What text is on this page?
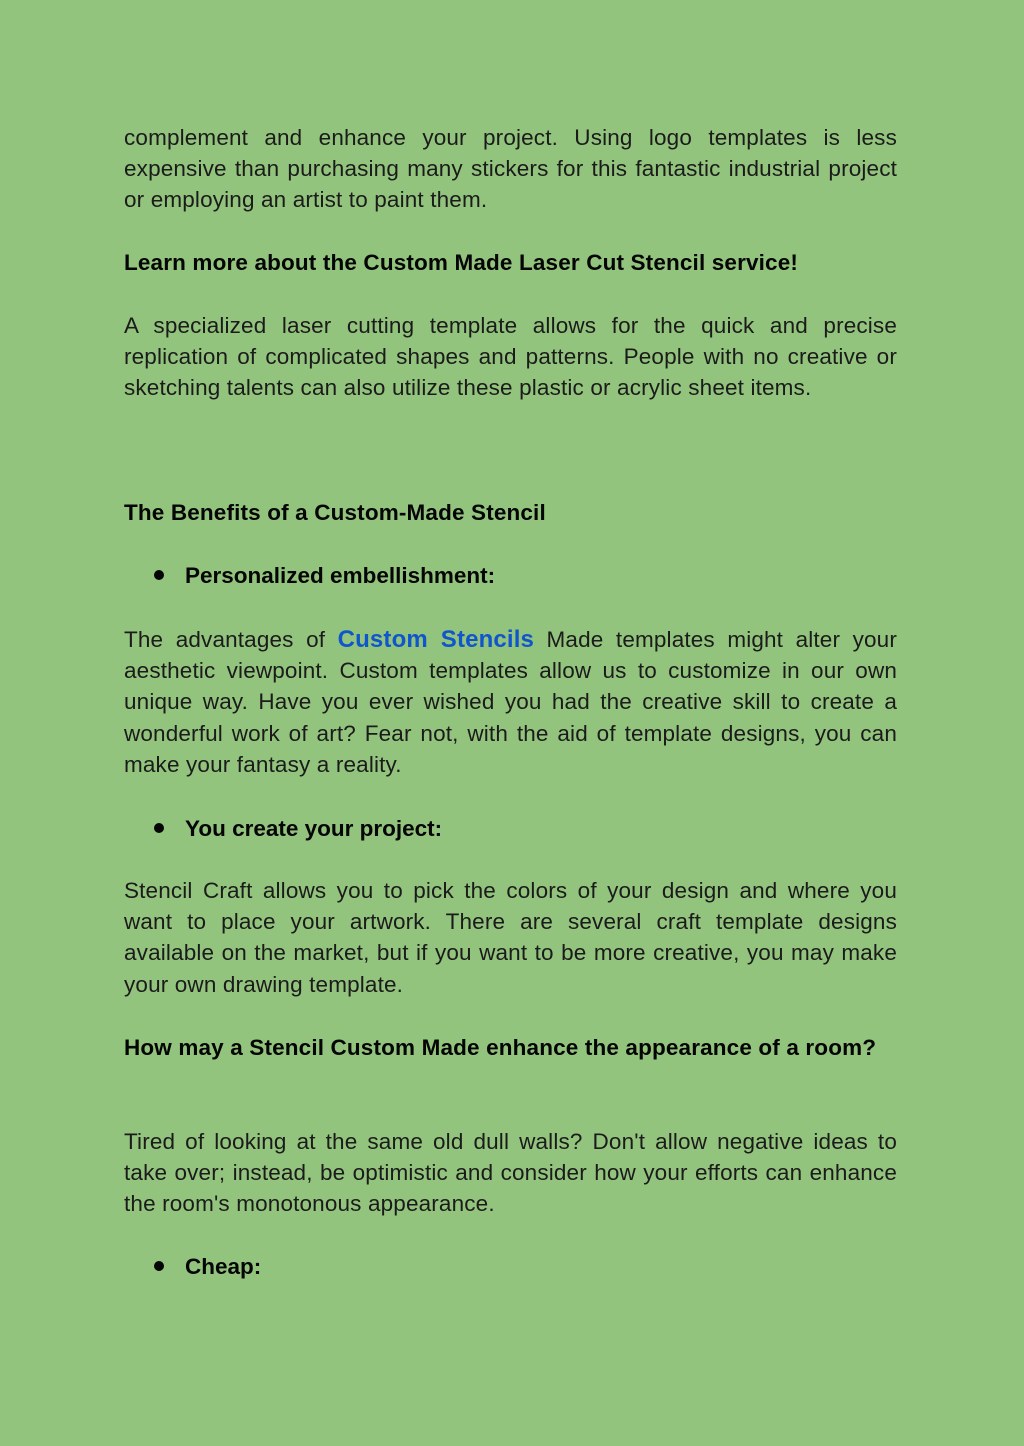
complement and enhance your project. Using logo templates is less expensive than purchasing many stickers for this fantastic industrial project or employing an artist to paint them.

Learn more about the Custom Made Laser Cut Stencil service!

A specialized laser cutting template allows for the quick and precise replication of complicated shapes and patterns. People with no creative or sketching talents can also utilize these plastic or acrylic sheet items.

The Benefits of a Custom-Made Stencil

Personalized embellishment:

The advantages of Custom Stencils Made templates might alter your aesthetic viewpoint. Custom templates allow us to customize in our own unique way. Have you ever wished you had the creative skill to create a wonderful work of art? Fear not, with the aid of template designs, you can make your fantasy a reality.

You create your project:

Stencil Craft allows you to pick the colors of your design and where you want to place your artwork. There are several craft template designs available on the market, but if you want to be more creative, you may make your own drawing template.

How may a Stencil Custom Made enhance the appearance of a room?

Tired of looking at the same old dull walls? Don't allow negative ideas to take over; instead, be optimistic and consider how your efforts can enhance the room's monotonous appearance.

Cheap:
